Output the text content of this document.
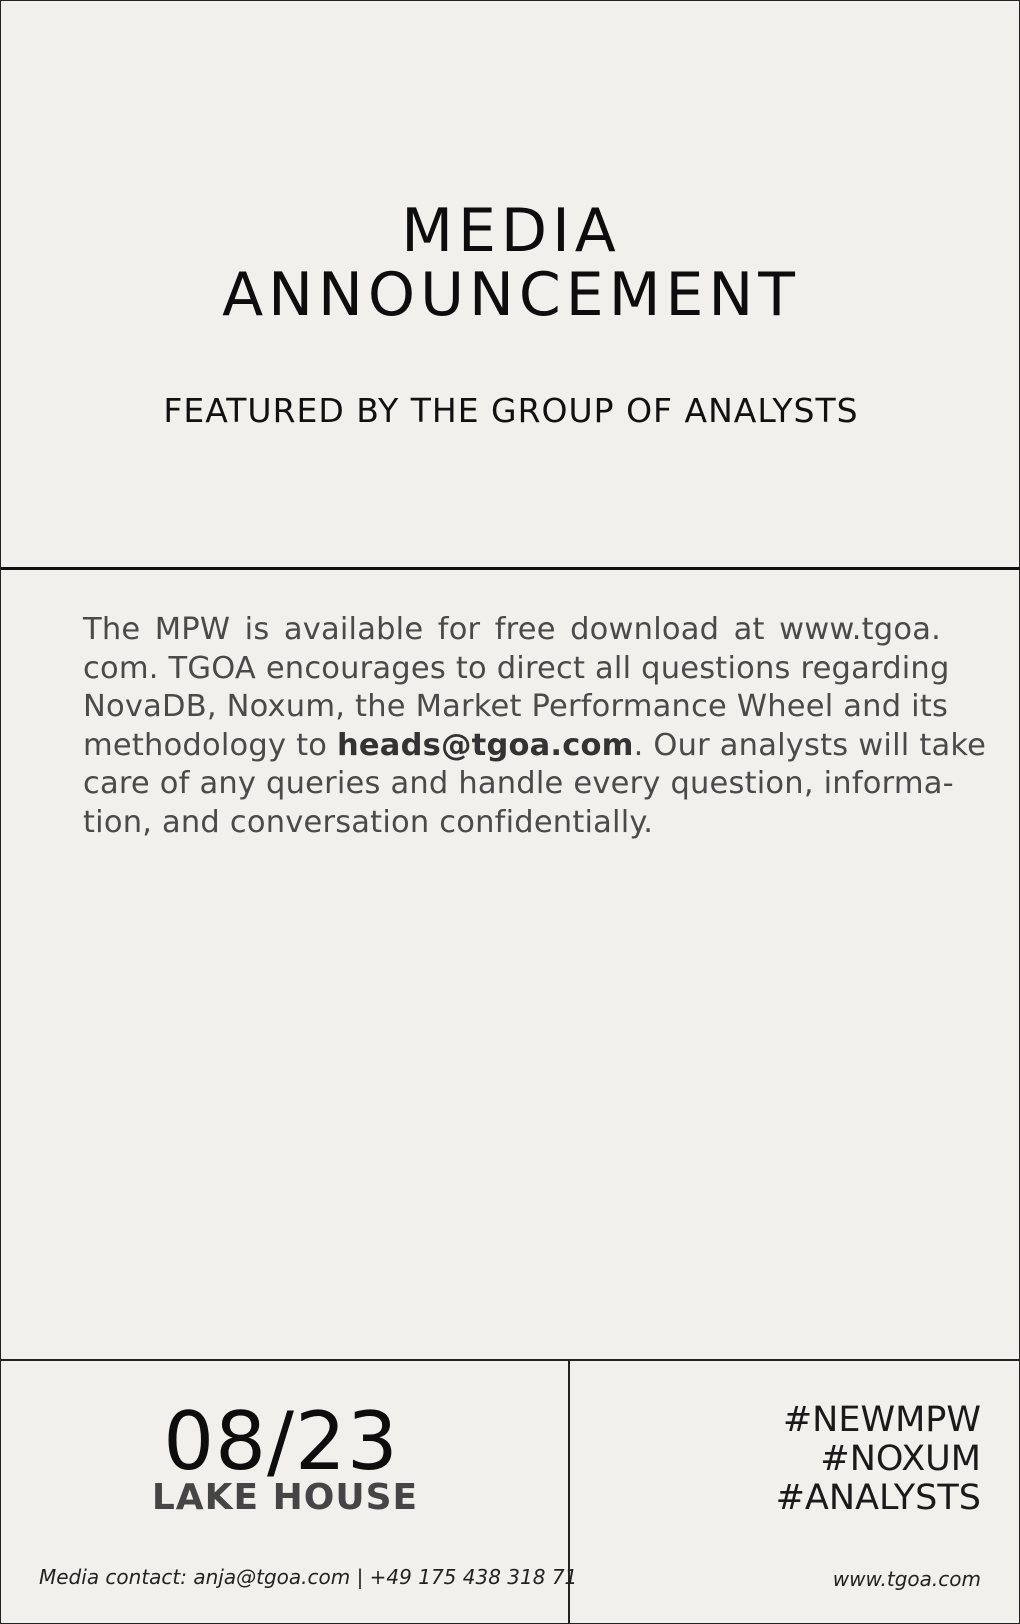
MEDIA
ANNOUNCEMENT
FEATURED BY THE GROUP OF ANALYSTS
The MPW is available for free download at www.tgoa.
com. TGOA encourages to direct all questions regarding
NovaDB, Noxum, the Market Performance Wheel and its
methodology to heads@tgoa.com. Our analysts will take
care of any queries and handle every question, informa-
tion, and conversation confidentially.
08/23
LAKE HOUSE
Media contact: anja@tgoa.com | +49 175 438 318 71
#NEWMPW
#NOXUM
#ANALYSTS
www.tgoa.com
